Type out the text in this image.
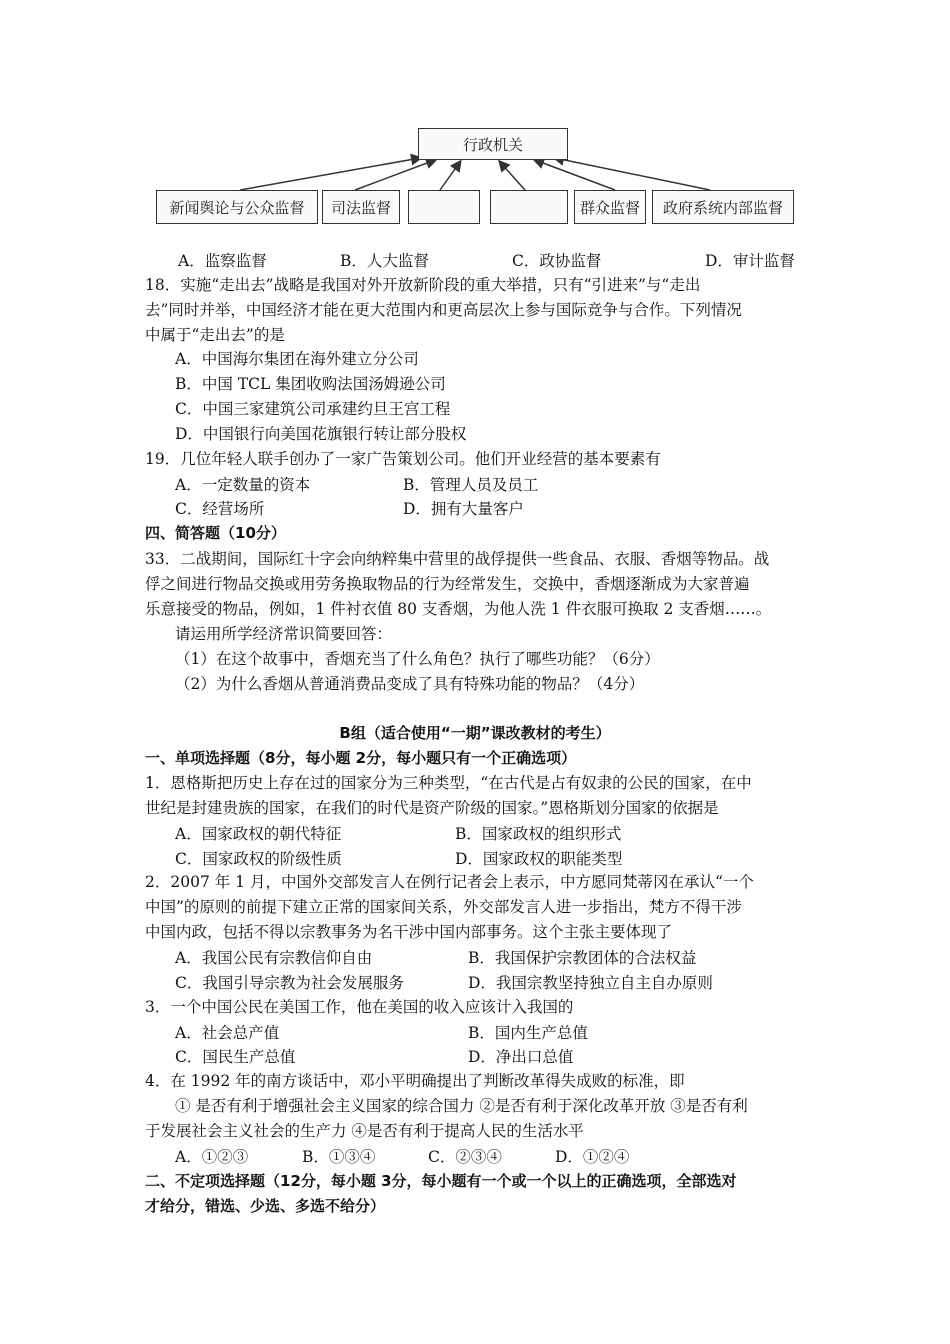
行政机关
新闻舆论与公众监督	司法监督	群众监督	政府系统内部监督
A．监察监督	B．人大监督	C．政协监督	D．审计监督
18．实施“走出去”战略是我国对外开放新阶段的重大举措，只有“引进来”与“走出
去”同时并举，中国经济才能在更大范围内和更高层次上参与国际竞争与合作。下列情况
中属于“走出去”的是
A．中国海尔集团在海外建立分公司
B．中国 TCL 集团收购法国汤姆逊公司
C．中国三家建筑公司承建约旦王宫工程
D．中国银行向美国花旗银行转让部分股权
19．几位年轻人联手创办了一家广告策划公司。他们开业经营的基本要素有
A．一定数量的资本	B．管理人员及员工
C．经营场所	D．拥有大量客户
四、简答题（10分）
33．二战期间，国际红十字会向纳粹集中营里的战俘提供一些食品、衣服、香烟等物品。战
俘之间进行物品交换或用劳务换取物品的行为经常发生，交换中，香烟逐渐成为大家普遍
乐意接受的物品，例如，1 件衬衣值 80 支香烟，为他人洗 1 件衣服可换取 2 支香烟……。
请运用所学经济常识简要回答：
（1）在这个故事中，香烟充当了什么角色？执行了哪些功能？（6分）
（2）为什么香烟从普通消费品变成了具有特殊功能的物品？（4分）
B组（适合使用“一期”课改教材的考生）
一、单项选择题（8分，每小题 2分，每小题只有一个正确选项）
1．恩格斯把历史上存在过的国家分为三种类型，“在古代是占有奴隶的公民的国家，在中
世纪是封建贵族的国家，在我们的时代是资产阶级的国家。”恩格斯划分国家的依据是
A．国家政权的朝代特征	B．国家政权的组织形式
C．国家政权的阶级性质	D．国家政权的职能类型
2．2007 年 1 月，中国外交部发言人在例行记者会上表示，中方愿同梵蒂冈在承认“一个
中国”的原则的前提下建立正常的国家间关系，外交部发言人进一步指出，梵方不得干涉
中国内政，包括不得以宗教事务为名干涉中国内部事务。这个主张主要体现了
A．我国公民有宗教信仰自由	B．我国保护宗教团体的合法权益
C．我国引导宗教为社会发展服务	D．我国宗教坚持独立自主自办原则
3．一个中国公民在美国工作，他在美国的收入应该计入我国的
A．社会总产值	B．国内生产总值
C．国民生产总值	D．净出口总值
4．在 1992 年的南方谈话中，邓小平明确提出了判断改革得失成败的标准，即
① 是否有利于增强社会主义国家的综合国力 ②是否有利于深化改革开放 ③是否有利
于发展社会主义社会的生产力 ④是否有利于提高人民的生活水平
A．①②③	B．①③④	C．②③④	D．①②④
二、不定项选择题（12分，每小题 3分，每小题有一个或一个以上的正确选项，全部选对
才给分，错选、少选、多选不给分）
